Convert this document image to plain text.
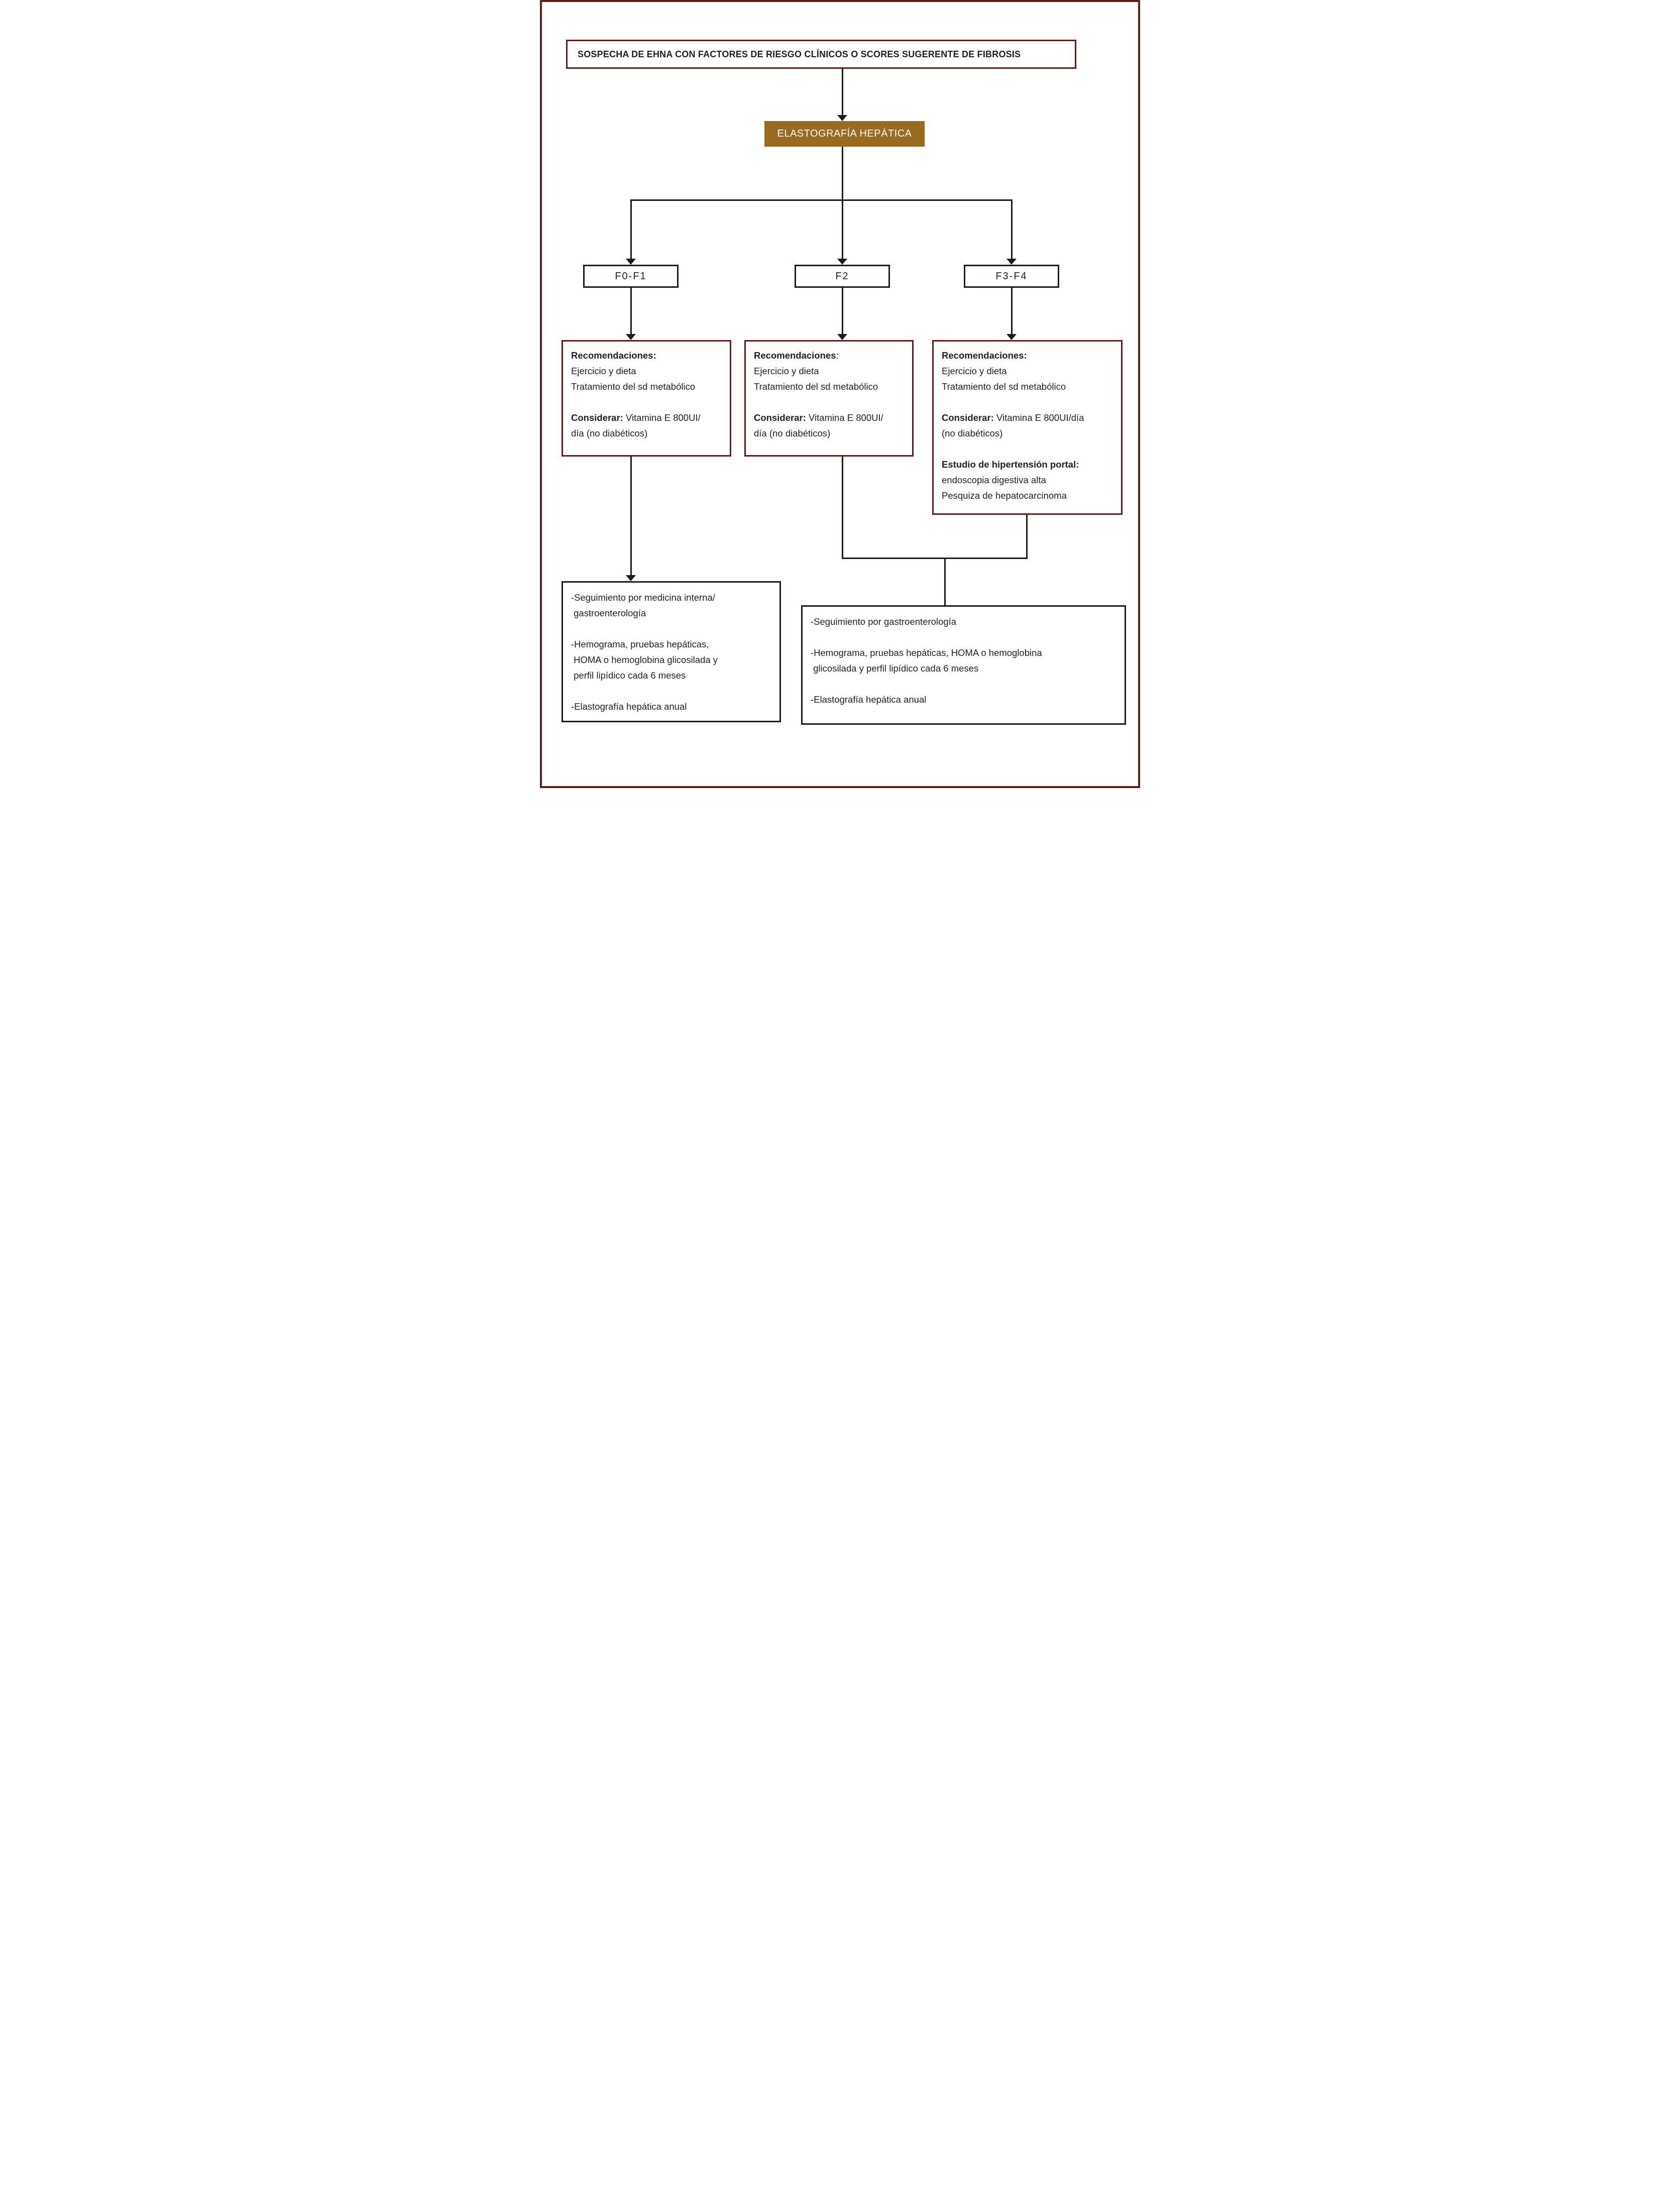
SOSPECHA DE EHNA CON FACTORES DE RIESGO CLÍNICOS O SCORES SUGERENTE DE FIBROSIS
ELASTOGRAFÍA HEPÁTICA
F0-F1	F2	F3-F4
Recomendaciones:
Ejercicio y dieta
Tratamiento del sd metabólico

Considerar: Vitamina E 800UI/
día (no diabéticos)
Recomendaciones:
Ejercicio y dieta
Tratamiento del sd metabólico

Considerar: Vitamina E 800UI/
día (no diabéticos)
Recomendaciones:
Ejercicio y dieta
Tratamiento del sd metabólico

Considerar: Vitamina E 800UI/día
(no diabéticos)

Estudio de hipertensión portal:
endoscopia digestiva alta
Pesquiza de hepatocarcinoma
-Seguimiento por medicina interna/
gastroenterología

-Hemograma, pruebas hepáticas,
HOMA o hemoglobina glicosilada y
perfil lipídico cada 6 meses

-Elastografía hepática anual
-Seguimiento por gastroenterología

-Hemograma, pruebas hepáticas, HOMA o hemoglobina
glicosilada y perfil lipídico cada 6 meses

-Elastografía hepática anual
